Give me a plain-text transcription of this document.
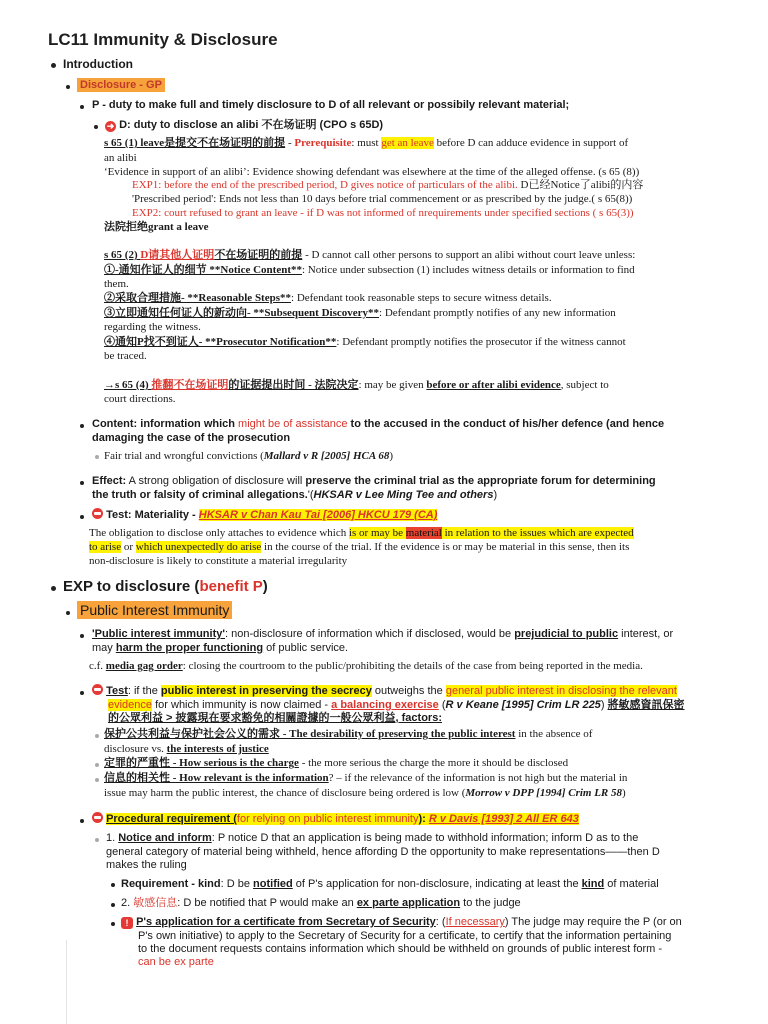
LC11 Immunity & Disclosure
Introduction
Disclosure - GP
P - duty to make full and timely disclosure to D of all relevant or possibily relevant material;
➜ D: duty to disclose an alibi 不在场证明 (CPO s 65D)
s 65 (1) leave是提交不在场证明的前提 - Prerequisite: must get an leave before D can adduce evidence in support of
an alibi
‘Evidence in support of an alibi’: Evidence showing defendant was elsewhere at the time of the alleged offense. (s 65 (8))
EXP1: before the end of the prescribed period, D gives notice of particulars of the alibi. D已经Notice了alibi的内容
'Prescribed period': Ends not less than 10 days before trial commencement or as prescribed by the judge.( s 65(8))
EXP2: court refused to grant an leave - if D was not informed of nrequirements under specified sections ( s 65(3))
法院拒绝grant a leave
s 65 (2) D请其他人证明不在场证明的前提 - D cannot call other persons to support an alibi without court leave unless:
①-通知作证人的细节 **Notice Content**: Notice under subsection (1) includes witness details or information to find
them.
②采取合理措施- **Reasonable Steps**: Defendant took reasonable steps to secure witness details.
③立即通知任何证人的新动向- **Subsequent Discovery**: Defendant promptly notifies of any new information
regarding the witness.
④通知P找不到证人- **Prosecutor Notification**: Defendant promptly notifies the prosecutor if the witness cannot
be traced.
→s 65 (4) 推翻不在场证明的证据提出时间 - 法院决定: may be given before or after alibi evidence, subject to
court directions.
Content: information which might be of assistance to the accused in the conduct of his/her defence (and hence
damaging the case of the prosecution
Fair trial and wrongful convictions (Mallard v R [2005] HCA 68)
Effect: A strong obligation of disclosure will preserve the criminal trial as the appropriate forum for determining
the truth or falsity of criminal allegations.'(HKSAR v Lee Ming Tee and others)
Test: Materiality - HKSAR v Chan Kau Tai [2006] HKCU 179 (CA)
The obligation to disclose only attaches to evidence which is or may be material in relation to the issues which are expected
to arise or which unexpectedly do arise in the course of the trial. If the evidence is or may be material in this sense, then its
non-disclosure is likely to constitute a material irregularity
EXP to disclosure (benefit P)
Public Interest Immunity
'Public interest immunity': non-disclosure of information which if disclosed, would be prejudicial to public interest, or
may harm the proper functioning of public service.
c.f. media gag order: closing the courtroom to the public/prohibiting the details of the case from being reported in the media.
Test: if the public interest in preserving the secrecy outweighs the general public interest in disclosing the relevant
evidence for which immunity is now claimed - a balancing exercise (R v Keane [1995] Crim LR 225) 將敏感資訊保密
的公眾利益 > 披露現在要求豁免的相關證據的一般公眾利益, factors:
保护公共利益与保护社会公义的需求 - The desirability of preserving the public interest in the absence of
disclosure vs. the interests of justice
定罪的严重性 - How serious is the charge - the more serious the charge the more it should be disclosed
信息的相关性 - How relevant is the information? – if the relevance of the information is not high but the material in
issue may harm the public interest, the chance of disclosure being ordered is low (Morrow v DPP [1994] Crim LR 58)
Procedural requirement (for relying on public interest immunity): R v Davis [1993] 2 All ER 643
1. Notice and inform: P notice D that an application is being made to withhold information; inform D as to the
general category of material being withheld, hence affording D the opportunity to make representations——then D
makes the ruling
Requirement - kind: D be notified of P's application for non-disclosure, indicating at least the kind of material
2. 敏感信息: D be notified that P would make an ex parte application to the judge
! P's application for a certificate from Secretary of Security: (If necessary) The judge may require the P (or on
P's own initiative) to apply to the Secretary of Security for a certificate, to certify that the information pertaining
to the document requests contains information which should be withheld on grounds of public interest form -
can be ex parte
